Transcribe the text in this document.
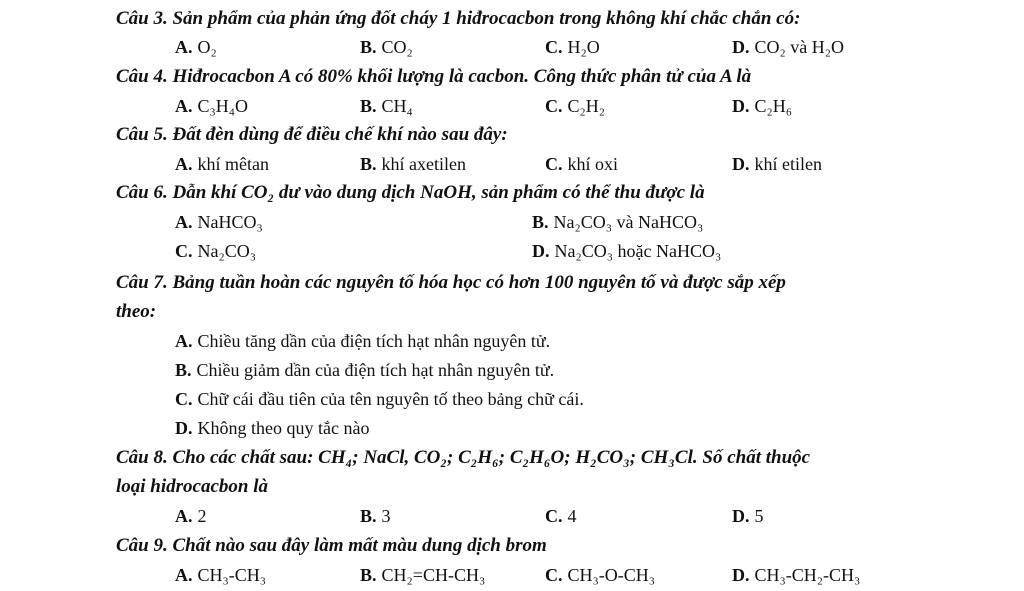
Câu 3. Sản phẩm của phản ứng đốt cháy 1 hiđrocacbon trong không khí chắc chắn có:
A. O₂	B. CO₂	C. H₂O	D. CO₂ và H₂O
Câu 4. Hiđrocacbon A có 80% khối lượng là cacbon. Công thức phân tử của A là
A. C₃H₄O	B. CH₄	C. C₂H₂	D. C₂H₆
Câu 5. Đất đèn dùng để điều chế khí nào sau đây:
A. khí mêtan	B. khí axetilen	C. khí oxi	D. khí etilen
Câu 6. Dẫn khí CO₂ dư vào dung dịch NaOH, sản phẩm có thể thu được là
A. NaHCO₃	B. Na₂CO₃ và NaHCO₃
C. Na₂CO₃	D. Na₂CO₃ hoặc NaHCO₃
Câu 7. Bảng tuần hoàn các nguyên tố hóa học có hơn 100 nguyên tố và được sắp xếp
theo:
A. Chiều tăng dần của điện tích hạt nhân nguyên tử.
B. Chiều giảm dần của điện tích hạt nhân nguyên tử.
C. Chữ cái đầu tiên của tên nguyên tố theo bảng chữ cái.
D. Không theo quy tắc nào
Câu 8. Cho các chất sau: CH₄; NaCl, CO₂; C₂H₆; C₂H₆O; H₂CO₃; CH₃Cl. Số chất thuộc
loại hidrocacbon là
A. 2	B. 3	C. 4	D. 5
Câu 9. Chất nào sau đây làm mất màu dung dịch brom
A. CH₃-CH₃	B. CH₂=CH-CH₃	C. CH₃-O-CH₃	D. CH₃-CH₂-CH₃
